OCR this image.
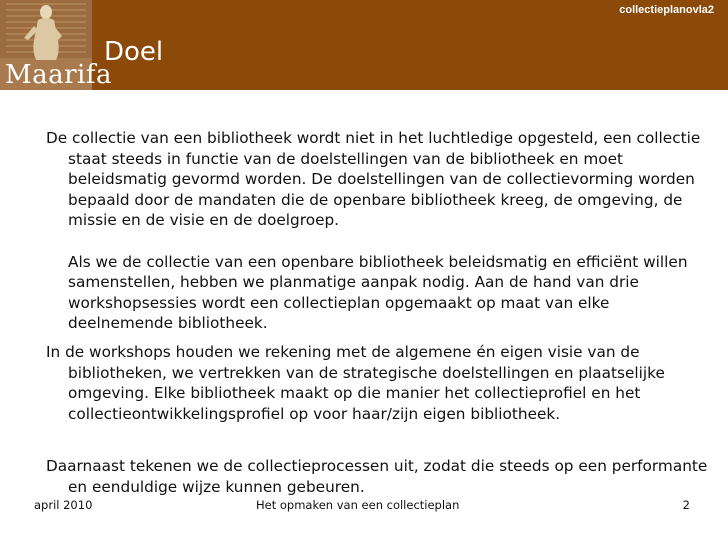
Maarifa
collectieplanovla2
Doel
De collectie van een bibliotheek wordt niet in het luchtledige opgesteld, een collectie staat steeds in functie van de doelstellingen van de bibliotheek en moet beleidsmatig gevormd worden. De doelstellingen van de collectievorming worden bepaald door de mandaten die de openbare bibliotheek kreeg, de omgeving, de missie en de visie en de doelgroep.
Als we de collectie van een openbare bibliotheek beleidsmatig en efficiënt willen samenstellen, hebben we planmatige aanpak nodig. Aan de hand van drie workshopsessies wordt een collectieplan opgemaakt op maat van elke deelnemende bibliotheek.
In de workshops houden we rekening met de algemene én eigen visie van de bibliotheken, we vertrekken van de strategische doelstellingen en plaatselijke omgeving. Elke bibliotheek maakt op die manier het collectieprofiel en het collectieontwikkelingsprofiel op voor haar/zijn eigen bibliotheek.
Daarnaast tekenen we de collectieprocessen uit, zodat die steeds op een performante en eenduldige wijze kunnen gebeuren.
april 2010	Het opmaken van een collectieplan	2
